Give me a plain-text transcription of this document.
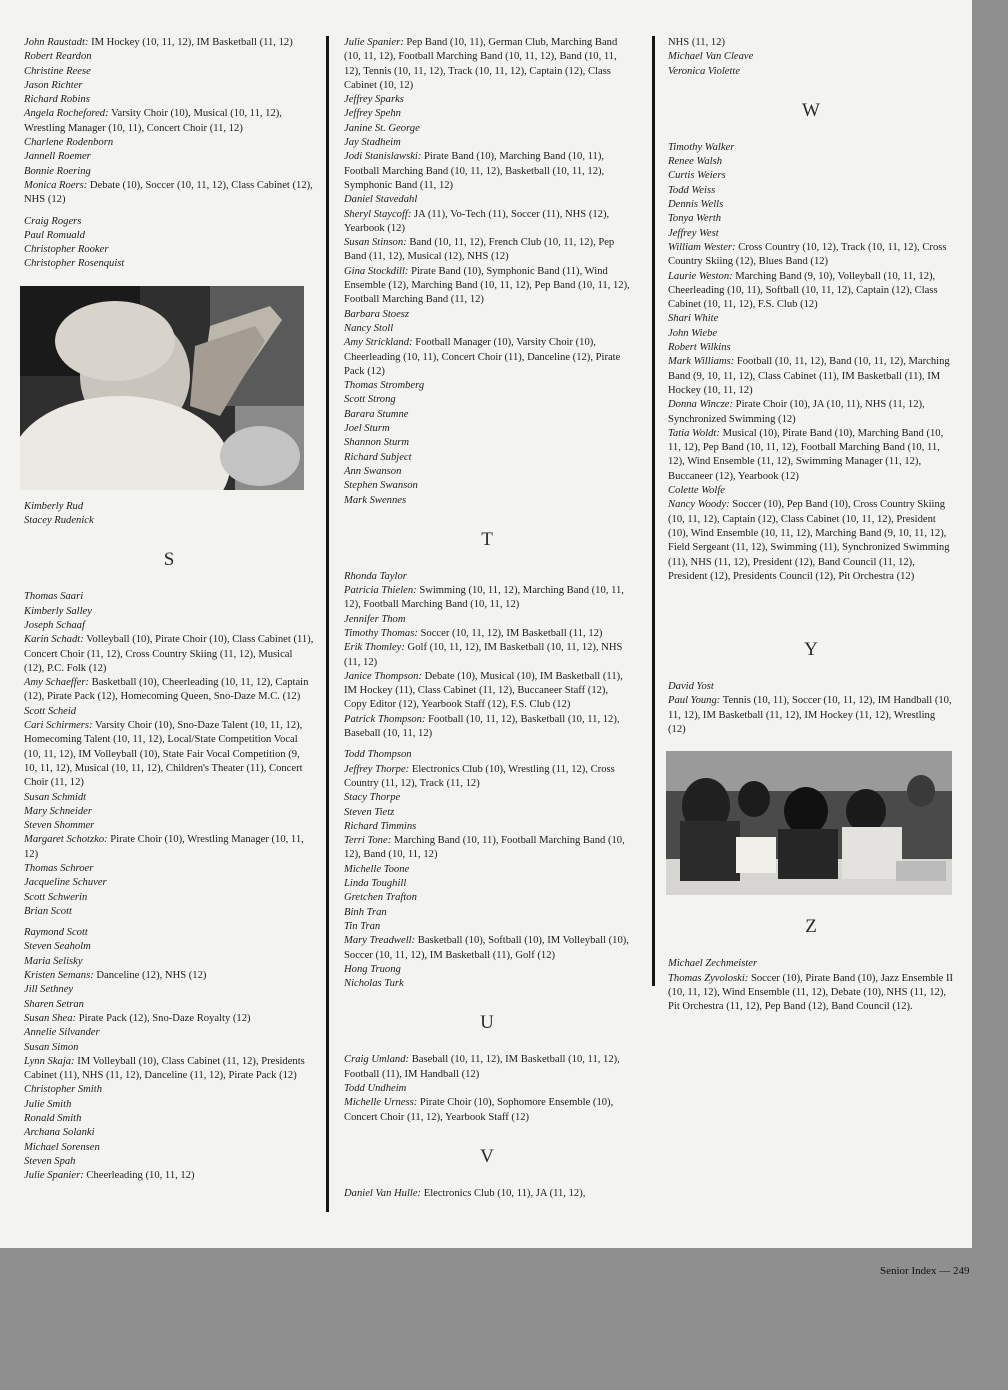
John Raustadt: IM Hockey (10, 11, 12), IM Basketball (11, 12)
Robert Reardon
Christine Reese
Jason Richter
Richard Robins
Angela Rochefored: Varsity Choir (10), Musical (10, 11, 12), Wrestling Manager (10, 11), Concert Choir (11, 12)
Charlene Rodenborn
Jannell Roemer
Bonnie Roering
Monica Roers: Debate (10), Soccer (10, 11, 12), Class Cabinet (12), NHS (12)
Craig Rogers
Paul Romuald
Christopher Rooker
Christopher Rosenquist
Kimberly Rud
Stacey Rudenick
S
Thomas Saari
Kimberly Salley
Joseph Schaaf
Karin Schadt: Volleyball (10), Pirate Choir (10), Class Cabinet (11), Concert Choir (11, 12), Cross Country Skiing (11, 12), Musical (12), P.C. Folk (12)
Amy Schaeffer: Basketball (10), Cheerleading (10, 11, 12), Captain (12), Pirate Pack (12), Homecoming Queen, Sno-Daze M.C. (12)
Scott Scheid
Cari Schirmers: Varsity Choir (10), Sno-Daze Talent (10, 11, 12), Homecoming Talent (10, 11, 12), Local/State Competition Vocal (10, 11, 12), IM Volleyball (10), State Fair Vocal Competition (9, 10, 11, 12), Musical (10, 11, 12), Children's Theater (11), Concert Choir (11, 12)
Susan Schmidt
Mary Schneider
Steven Shommer
Margaret Schotzko: Pirate Choir (10), Wrestling Manager (10, 11, 12)
Thomas Schroer
Jacqueline Schuver
Scott Schwerin
Brian Scott
Raymond Scott
Steven Seaholm
Maria Selisky
Kristen Semans: Danceline (12), NHS (12)
Jill Sethney
Sharen Setran
Susan Shea: Pirate Pack (12), Sno-Daze Royalty (12)
Annelie Silvander
Susan Simon
Lynn Skaja: IM Volleyball (10), Class Cabinet (11, 12), Presidents Cabinet (11), NHS (11, 12), Danceline (11, 12), Pirate Pack (12)
Christopher Smith
Julie Smith
Ronald Smith
Archana Solanki
Michael Sorensen
Steven Spah
Julie Spanier: Cheerleading (10, 11, 12)
Julie Spanier: Pep Band (10, 11), German Club, Marching Band (10, 11, 12), Football Marching Band (10, 11, 12), Band (10, 11, 12), Tennis (10, 11, 12), Track (10, 11, 12), Captain (12), Class Cabinet (10, 12)
Jeffrey Sparks
Jeffrey Spehn
Janine St. George
Jay Stadheim
Jodi Stanislawski: Pirate Band (10), Marching Band (10, 11), Football Marching Band (10, 11, 12), Basketball (10, 11, 12), Symphonic Band (11, 12)
Daniel Stavedahl
Sheryl Staycoff: JA (11), Vo-Tech (11), Soccer (11), NHS (12), Yearbook (12)
Susan Stinson: Band (10, 11, 12), French Club (10, 11, 12), Pep Band (11, 12), Musical (12), NHS (12)
Gina Stockdill: Pirate Band (10), Symphonic Band (11), Wind Ensemble (12), Marching Band (10, 11, 12), Pep Band (10, 11, 12), Football Marching Band (11, 12)
Barbara Stoesz
Nancy Stoll
Amy Strickland: Football Manager (10), Varsity Choir (10), Cheerleading (10, 11), Concert Choir (11), Danceline (12), Pirate Pack (12)
Thomas Stromberg
Scott Strong
Barara Stumne
Joel Sturm
Shannon Sturm
Richard Subject
Ann Swanson
Stephen Swanson
Mark Swennes
T
Rhonda Taylor
Patricia Thielen: Swimming (10, 11, 12), Marching Band (10, 11, 12), Football Marching Band (10, 11, 12)
Jennifer Thom
Timothy Thomas: Soccer (10, 11, 12), IM Basketball (11, 12)
Erik Thomley: Golf (10, 11, 12), IM Basketball (10, 11, 12), NHS (11, 12)
Janice Thompson: Debate (10), Musical (10), IM Basketball (11), IM Hockey (11), Class Cabinet (11, 12), Buccaneer Staff (12), Copy Editor (12), Yearbook Staff (12), F.S. Club (12)
Patrick Thompson: Football (10, 11, 12), Basketball (10, 11, 12), Baseball (10, 11, 12)
Todd Thompson
Jeffrey Thorpe: Electronics Club (10), Wrestling (11, 12), Cross Country (11, 12), Track (11, 12)
Stacy Thorpe
Steven Tietz
Richard Timmins
Terri Tone: Marching Band (10, 11), Football Marching Band (10, 12), Band (10, 11, 12)
Michelle Toone
Linda Toughill
Gretchen Trafton
Binh Tran
Tin Tran
Mary Treadwell: Basketball (10), Softball (10), IM Volleyball (10), Soccer (10, 11, 12), IM Basketball (11), Golf (12)
Hong Truong
Nicholas Turk
U
Craig Umland: Baseball (10, 11, 12), IM Basketball (10, 11, 12), Football (11), IM Handball (12)
Todd Undheim
Michelle Urness: Pirate Choir (10), Sophomore Ensemble (10), Concert Choir (11, 12), Yearbook Staff (12)
V
Daniel Van Hulle: Electronics Club (10, 11), JA (11, 12),
NHS (11, 12)
Michael Van Cleave
Veronica Violette
W
Timothy Walker
Renee Walsh
Curtis Weiers
Todd Weiss
Dennis Wells
Tonya Werth
Jeffrey West
William Wester: Cross Country (10, 12), Track (10, 11, 12), Cross Country Skiing (12), Blues Band (12)
Laurie Weston: Marching Band (9, 10), Volleyball (10, 11, 12), Cheerleading (10, 11), Softball (10, 11, 12), Captain (12), Class Cabinet (10, 11, 12), F.S. Club (12)
Shari White
John Wiebe
Robert Wilkins
Mark Williams: Football (10, 11, 12), Band (10, 11, 12), Marching Band (9, 10, 11, 12), Class Cabinet (11), IM Basketball (11), IM Hockey (10, 11, 12)
Donna Wincze: Pirate Choir (10), JA (10, 11), NHS (11, 12), Synchronized Swimming (12)
Tatia Woldt: Musical (10), Pirate Band (10), Marching Band (10, 11, 12), Pep Band (10, 11, 12), Football Marching Band (10, 11, 12), Wind Ensemble (11, 12), Swimming Manager (11, 12), Buccaneer (12), Yearbook (12)
Colette Wolfe
Nancy Woody: Soccer (10), Pep Band (10), Cross Country Skiing (10, 11, 12), Captain (12), Class Cabinet (10, 11, 12), President (10), Wind Ensemble (10, 11, 12), Marching Band (9, 10, 11, 12), Field Sergeant (11, 12), Swimming (11), Synchronized Swimming (11), NHS (11, 12), President (12), Band Council (11, 12), President (12), Presidents Council (12), Pit Orchestra (12)
Y
David Yost
Paul Young: Tennis (10, 11), Soccer (10, 11, 12), IM Handball (10, 11, 12), IM Basketball (11, 12), IM Hockey (11, 12), Wrestling (12)
Z
Michael Zechmeister
Thomas Zyvoloski: Soccer (10), Pirate Band (10), Jazz Ensemble II (10, 11, 12), Wind Ensemble (11, 12), Debate (10), NHS (11, 12), Pit Orchestra (11, 12), Pep Band (12), Band Council (12).
Senior Index — 249
